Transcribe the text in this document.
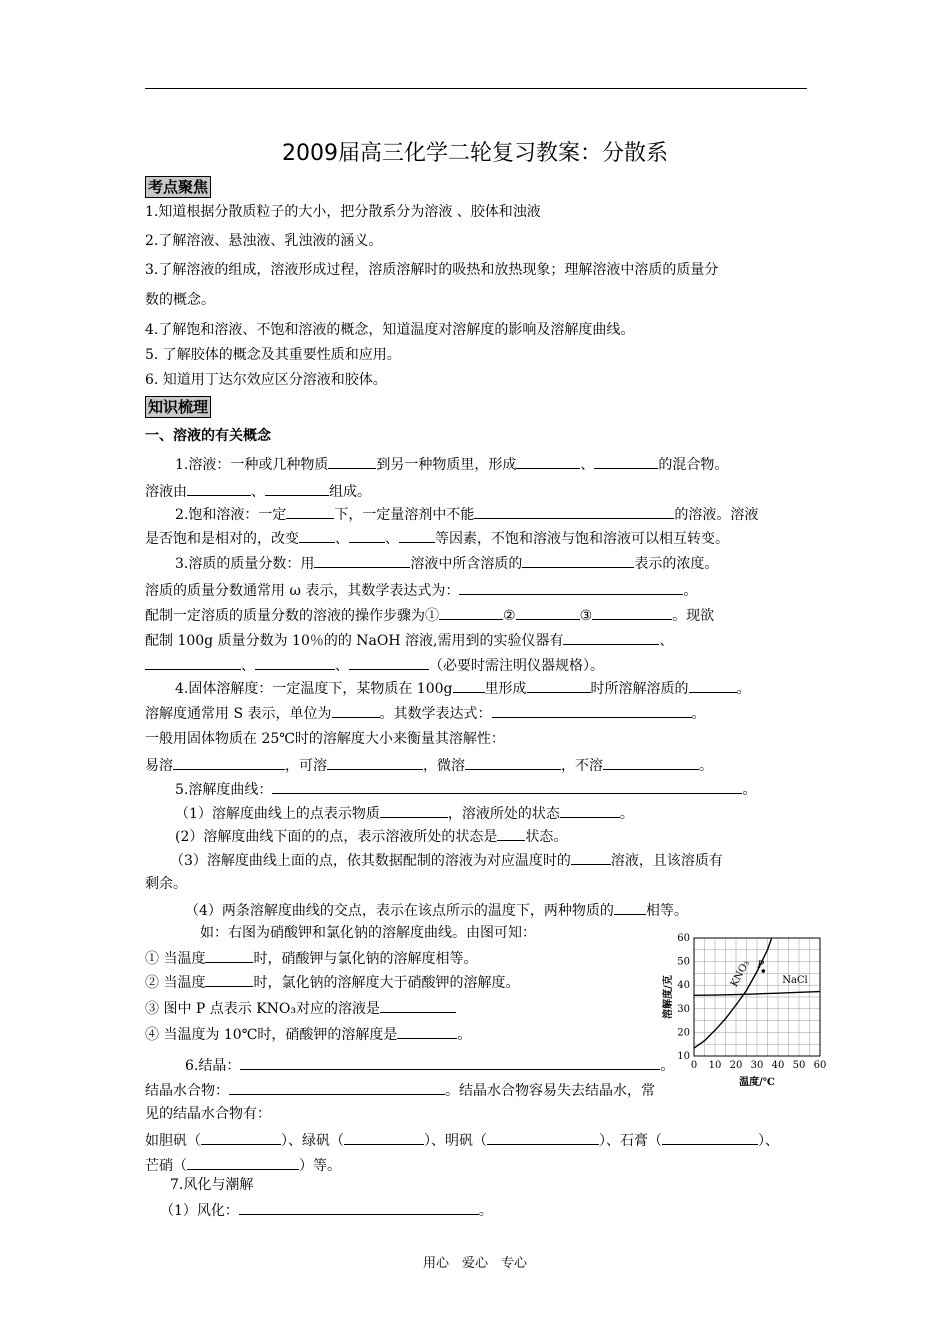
2009届高三化学二轮复习教案：分散系
考点聚焦
1.知道根据分散质粒子的大小，把分散系分为溶液 、胶体和浊液
2.了解溶液、悬浊液、乳浊液的涵义。
3.了解溶液的组成，溶液形成过程，溶质溶解时的吸热和放热现象；理解溶液中溶质的质量分
数的概念。
4.了解饱和溶液、不饱和溶液的概念，知道温度对溶解度的影响及溶解度曲线。
5. 了解胶体的概念及其重要性质和应用。
6. 知道用丁达尔效应区分溶液和胶体。
知识梳理
一、溶液的有关概念
1.溶液：一种或几种物质	到另一种物质里，形成	、	的混合物。
溶液由	、	组成。
2.饱和溶液：一定	下，一定量溶剂中不能	的溶液。溶液
是否饱和是相对的，改变	、	、	等因素，不饱和溶液与饱和溶液可以相互转变。
3.溶质的质量分数：用	溶液中所含溶质的	表示的浓度。
溶质的质量分数通常用 ω 表示，其数学表达式为：	。
配制一定溶质的质量分数的溶液的操作步骤为①	②	③	。现欲
配制 100g 质量分数为 10％的的 NaOH 溶液,需用到的实验仪器有	、
、	、	（必要时需注明仪器规格）。
4.固体溶解度：一定温度下，某物质在 100g 里形成	时所溶解溶质的	。
溶解度通常用 S 表示，单位为	。其数学表达式：	。
一般用固体物质在 25℃时的溶解度大小来衡量其溶解性：
易溶	，可溶	，微溶	，不溶	。
5.溶解度曲线：	。
（1）溶解度曲线上的点表示物质	，溶液所处的状态	。
(2）溶解度曲线下面的的点，表示溶液所处的状态是 状态。
（3）溶解度曲线上面的点，依其数据配制的溶液为对应温度时的	溶液，且该溶质有
剩余。
（4）两条溶解度曲线的交点，表示在该点所示的温度下，两种物质的 相等。
如：右图为硝酸钾和氯化钠的溶解度曲线。由图可知：
① 当温度	时，硝酸钾与氯化钠的溶解度相等。
② 当温度	时，氯化钠的溶解度大于硝酸钾的溶解度。
③ 图中 P 点表示 KNO₃对应的溶液是
④ 当温度为 10℃时，硝酸钾的溶解度是	。
10
20
30
40
50
60
0 10 20 30 40 50 60
溶解度/克
温度/℃
KNO₃	NaCl
P
6.结晶：	。
结晶水合物：	。结晶水合物容易失去结晶水，常
见的结晶水合物有：
如胆矾（	）、绿矾（	）、明矾（	）、石膏（	）、
芒硝（	）等。
7.风化与潮解
（1）风化：	。
用心　爱心　专心
